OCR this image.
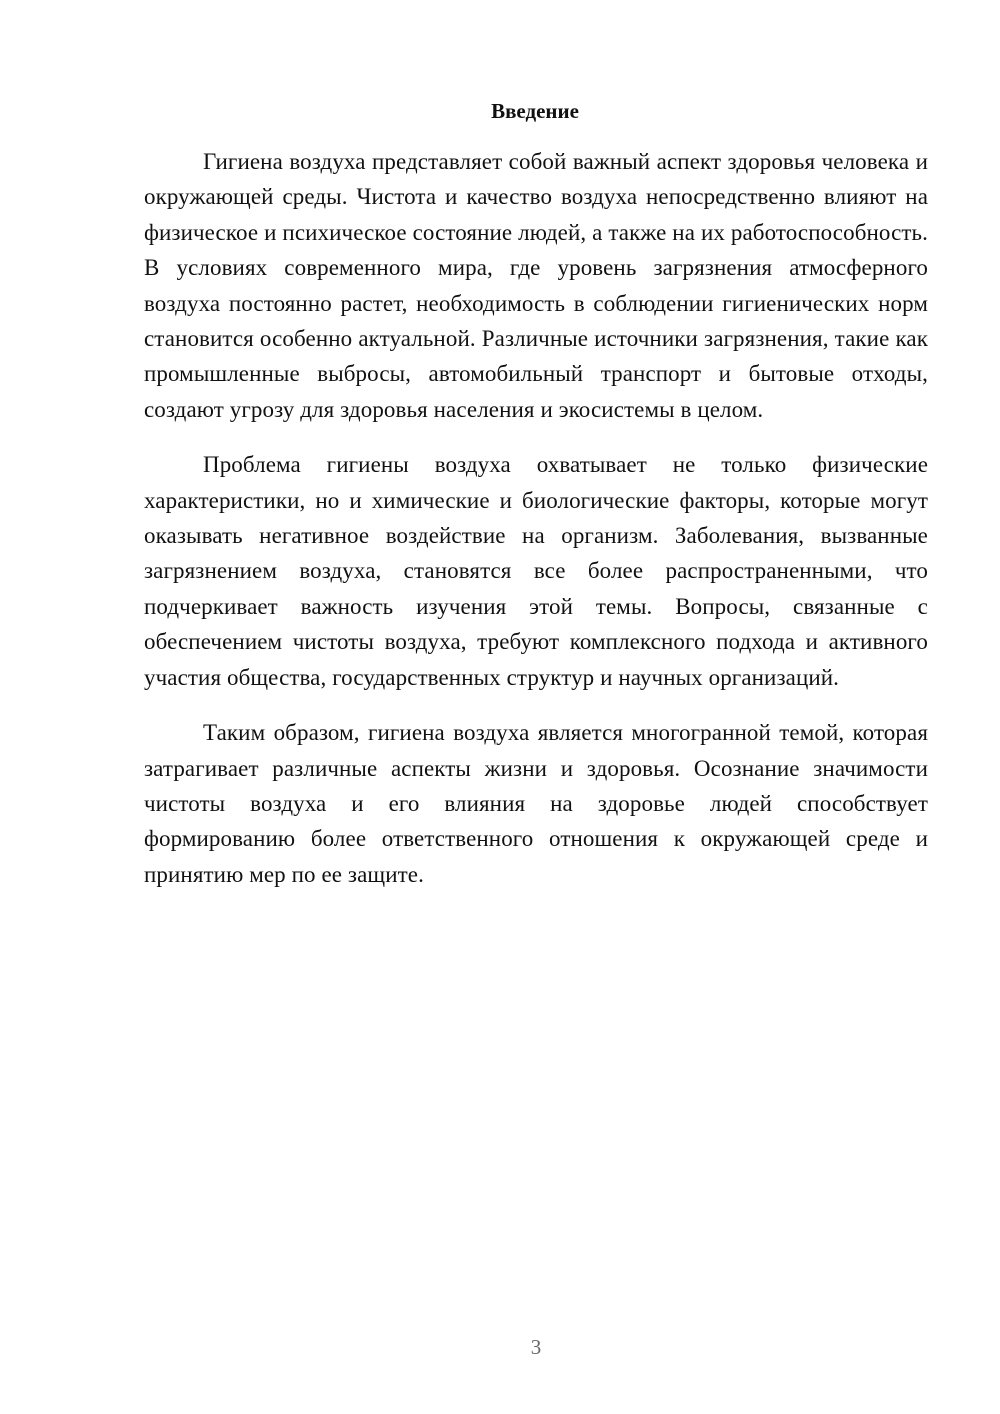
Введение

Гигиена воздуха представляет собой важный аспект здоровья человека и окружающей среды. Чистота и качество воздуха непосредственно влияют на физическое и психическое состояние людей, а также на их работоспособность. В условиях современного мира, где уровень загрязнения атмосферного воздуха постоянно растет, необходимость в соблюдении гигиенических норм становится особенно актуальной. Различные источники загрязнения, такие как промышленные выбросы, автомобильный транспорт и бытовые отходы, создают угрозу для здоровья населения и экосистемы в целом.

Проблема гигиены воздуха охватывает не только физические характеристики, но и химические и биологические факторы, которые могут оказывать негативное воздействие на организм. Заболевания, вызванные загрязнением воздуха, становятся все более распространенными, что подчеркивает важность изучения этой темы. Вопросы, связанные с обеспечением чистоты воздуха, требуют комплексного подхода и активного участия общества, государственных структур и научных организаций.

Таким образом, гигиена воздуха является многогранной темой, которая затрагивает различные аспекты жизни и здоровья. Осознание значимости чистоты воздуха и его влияния на здоровье людей способствует формированию более ответственного отношения к окружающей среде и принятию мер по ее защите.

3
